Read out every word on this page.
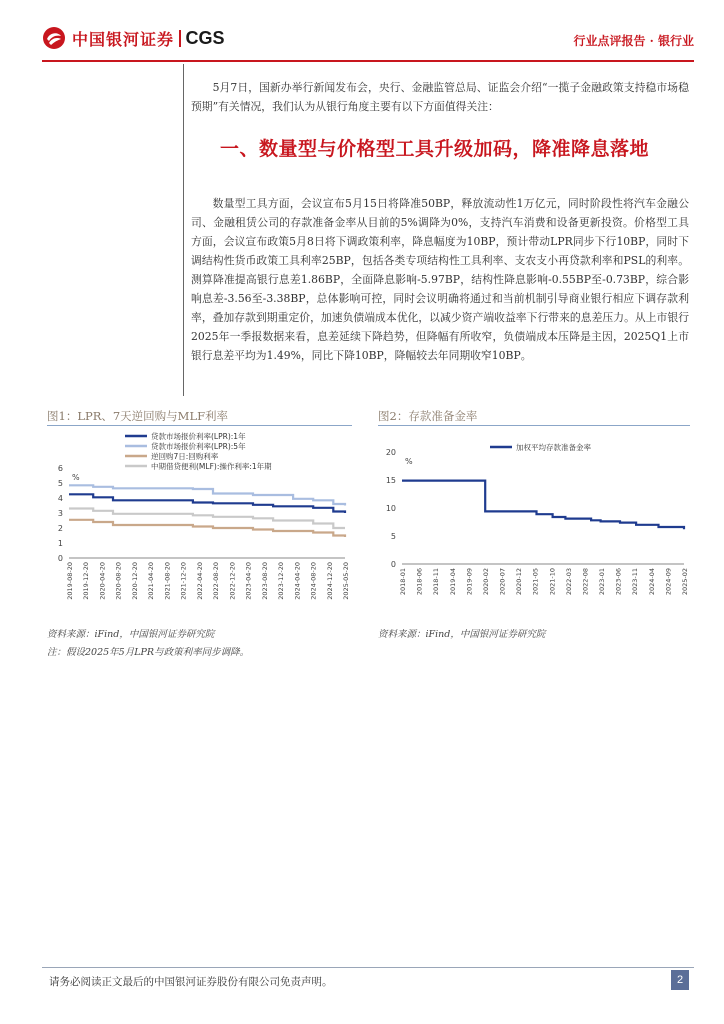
中国银河证券 CGS	行业点评报告 · 银行业

5月7日，国新办举行新闻发布会，央行、金融监管总局、证监会介绍“一揽子金融政策支持稳市场稳预期”有关情况，我们认为从银行角度主要有以下方面值得关注：

一、数量型与价格型工具升级加码，降准降息落地

数量型工具方面，会议宣布5月15日将降准50BP，释放流动性1万亿元，同时阶段性将汽车金融公司、金融租赁公司的存款准备金率从目前的5%调降为0%，支持汽车消费和设备更新投资。价格型工具方面，会议宣布政策5月8日将下调政策利率，降息幅度为10BP，预计带动LPR同步下行10BP，同时下调结构性货币政策工具利率25BP，包括各类专项结构性工具利率、支农支小再贷款利率和PSL的利率。测算降准提高银行息差1.86BP，全面降息影响-5.97BP，结构性降息影响-0.55BP至-0.73BP，综合影响息差-3.56至-3.38BP，总体影响可控，同时会议明确将通过和当前机制引导商业银行相应下调存款利率，叠加存款到期重定价，加速负债端成本优化，以减少资产端收益率下行带来的息差压力。从上市银行2025年一季报数据来看，息差延续下降趋势，但降幅有所收窄，负债端成本压降是主因，2025Q1上市银行息差平均为1.49%，同比下降10BP，降幅较去年同期收窄10BP。

图1：LPR、7天逆回购与MLF利率
%
0
1
2
3
4
5
6
2019-08-20 2019-12-20 2020-04-20 2020-08-20 2020-12-20 2021-04-20 2021-08-20 2021-12-20 2022-04-20 2022-08-20 2022-12-20 2023-04-20 2023-08-20 2023-12-20 2024-04-20 2024-08-20 2024-12-20 2025-05-20
贷款市场报价利率(LPR):1年
贷款市场报价利率(LPR):5年
逆回购7日:回购利率
中期借贷便利(MLF):操作利率:1年期
资料来源：iFind，中国银河证券研究院
注：假设2025年5月LPR与政策利率同步调降。
图2：存款准备金率
%
0
5
10
15
20
2018-01 2018-06 2018-11 2019-04 2019-09 2020-02 2020-07 2020-12 2021-05 2021-10 2022-03 2022-08 2023-01 2023-06 2023-11 2024-04 2024-09 2025-02
加权平均存款准备金率
资料来源：iFind，中国银河证券研究院
请务必阅读正文最后的中国银河证券股份有限公司免责声明。	2
